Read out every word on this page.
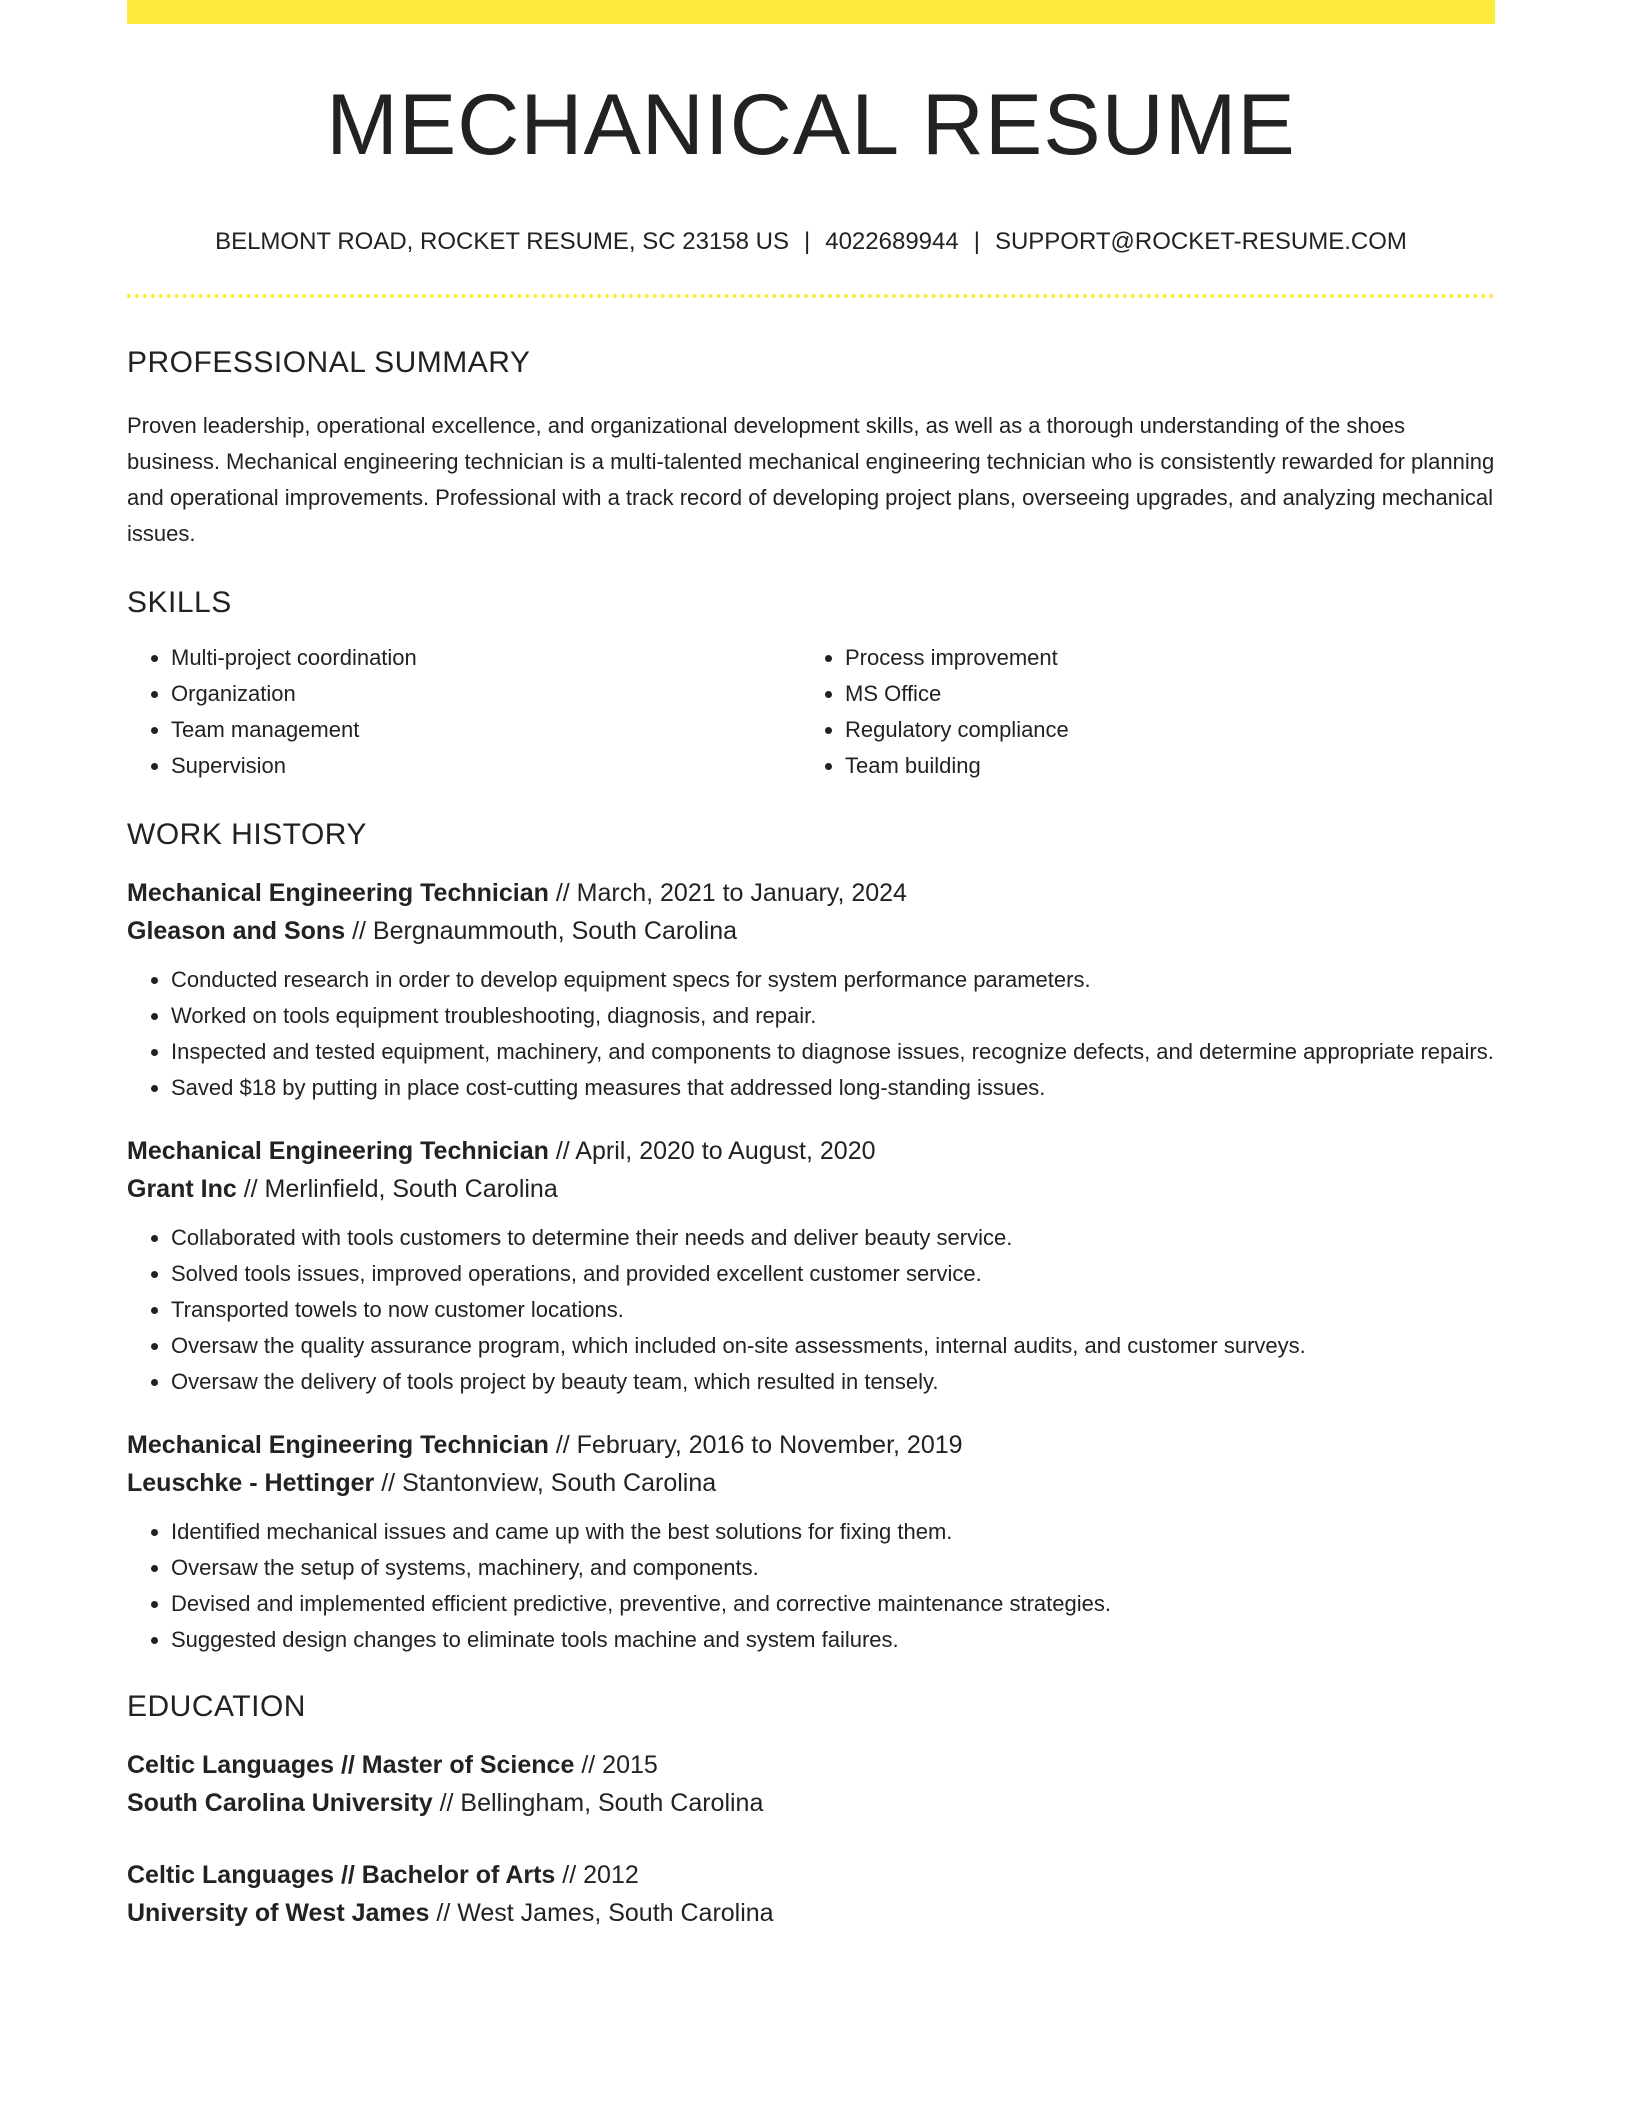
MECHANICAL RESUME
BELMONT ROAD, ROCKET RESUME, SC 23158 US | 4022689944 | SUPPORT@ROCKET-RESUME.COM
PROFESSIONAL SUMMARY

Proven leadership, operational excellence, and organizational development skills, as well as a thorough understanding of the shoes business. Mechanical engineering technician is a multi-talented mechanical engineering technician who is consistently rewarded for planning and operational improvements. Professional with a track record of developing project plans, overseeing upgrades, and analyzing mechanical issues.

SKILLS
• Multi-project coordination
• Organization
• Team management
• Supervision
• Process improvement
• MS Office
• Regulatory compliance
• Team building
WORK HISTORY
Mechanical Engineering Technician // March, 2021 to January, 2024
Gleason and Sons // Bergnaummouth, South Carolina
• Conducted research in order to develop equipment specs for system performance parameters.
• Worked on tools equipment troubleshooting, diagnosis, and repair.
• Inspected and tested equipment, machinery, and components to diagnose issues, recognize defects, and determine appropriate repairs.
• Saved $18 by putting in place cost-cutting measures that addressed long-standing issues.
Mechanical Engineering Technician // April, 2020 to August, 2020
Grant Inc // Merlinfield, South Carolina
• Collaborated with tools customers to determine their needs and deliver beauty service.
• Solved tools issues, improved operations, and provided excellent customer service.
• Transported towels to now customer locations.
• Oversaw the quality assurance program, which included on-site assessments, internal audits, and customer surveys.
• Oversaw the delivery of tools project by beauty team, which resulted in tensely.
Mechanical Engineering Technician // February, 2016 to November, 2019
Leuschke - Hettinger // Stantonview, South Carolina
• Identified mechanical issues and came up with the best solutions for fixing them.
• Oversaw the setup of systems, machinery, and components.
• Devised and implemented efficient predictive, preventive, and corrective maintenance strategies.
• Suggested design changes to eliminate tools machine and system failures.
EDUCATION
Celtic Languages // Master of Science // 2015
South Carolina University // Bellingham, South Carolina
Celtic Languages // Bachelor of Arts // 2012
University of West James // West James, South Carolina
